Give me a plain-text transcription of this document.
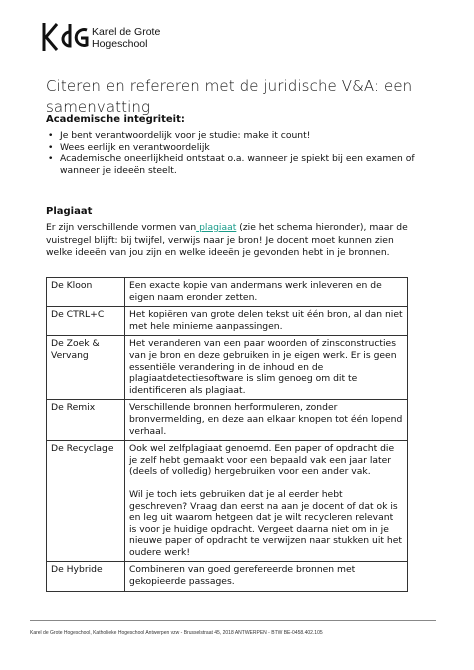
Karel de Grote
Hogeschool
Citeren en refereren met de juridische V&A: een samenvatting
Academische integriteit:
• Je bent verantwoordelijk voor je studie: make it count!
• Wees eerlijk en verantwoordelijk
• Academische oneerlijkheid ontstaat o.a. wanneer je spiekt bij een examen of wanneer je ideeën steelt.
Plagiaat
Er zijn verschillende vormen van plagiaat (zie het schema hieronder), maar de vuistregel blijft: bij twijfel, verwijs naar je bron! Je docent moet kunnen zien welke ideeën van jou zijn en welke ideeën je gevonden hebt in je bronnen.
De Kloon	Een exacte kopie van andermans werk inleveren en de eigen naam eronder zetten.
De CTRL+C	Het kopiëren van grote delen tekst uit één bron, al dan niet met hele minieme aanpassingen.
De Zoek & Vervang	Het veranderen van een paar woorden of zinsconstructies van je bron en deze gebruiken in je eigen werk. Er is geen essentiële verandering in de inhoud en de plagiaatdetectiesoftware is slim genoeg om dit te identificeren als plagiaat.
De Remix	Verschillende bronnen herformuleren, zonder bronvermelding, en deze aan elkaar knopen tot één lopend verhaal.
De Recyclage	Ook wel zelfplagiaat genoemd. Een paper of opdracht die je zelf hebt gemaakt voor een bepaald vak een jaar later (deels of volledig) hergebruiken voor een ander vak.
Wil je toch iets gebruiken dat je al eerder hebt geschreven? Vraag dan eerst na aan je docent of dat ok is en leg uit waarom hetgeen dat je wilt recycleren relevant is voor je huidige opdracht. Vergeet daarna niet om in je nieuwe paper of opdracht te verwijzen naar stukken uit het oudere werk!

De Hybride	Combineren van goed gerefereerde bronnen met gekopieerde passages.
Karel de Grote Hogeschool, Katholieke Hogeschool Antwerpen vzw - Brusselstraat 45, 2018 ANTWERPEN - BTW BE-0458.402.105
